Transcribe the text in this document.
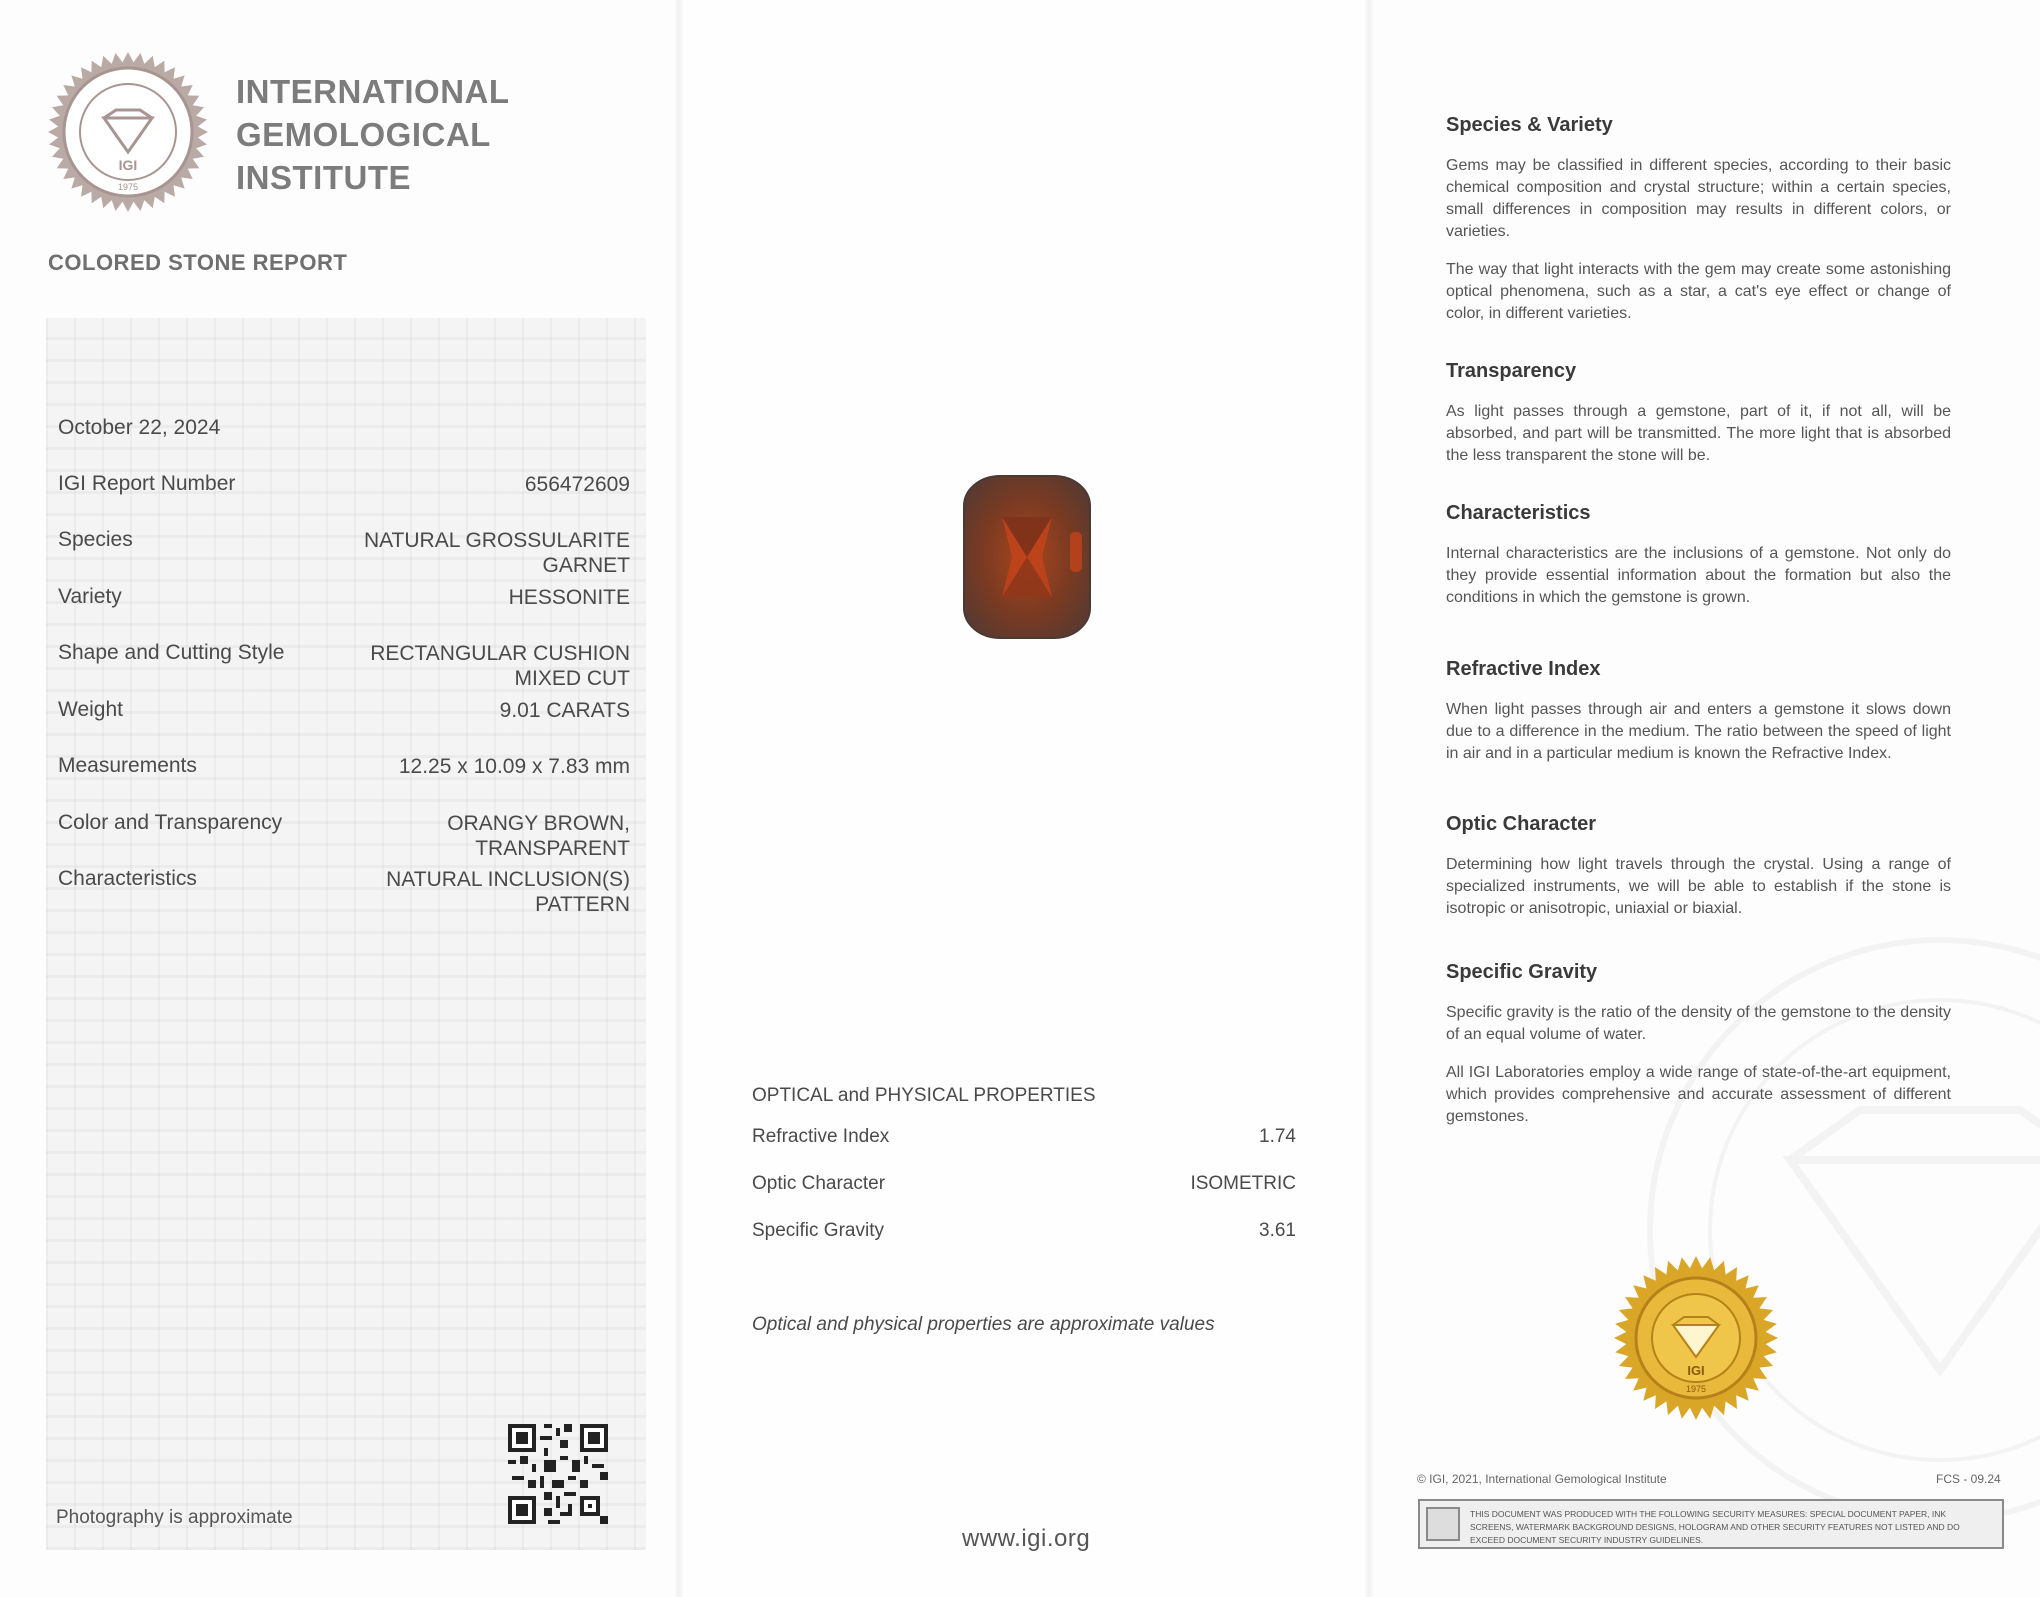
IGI
1975
INTERNATIONAL
GEMOLOGICAL
INSTITUTE
COLORED STONE REPORT
October 22, 2024
IGI Report Number	656472609
Species	NATURAL GROSSULARITE GARNET
Variety	HESSONITE
Shape and Cutting Style	RECTANGULAR CUSHION MIXED CUT
Weight	9.01 CARATS
Measurements	12.25 x 10.09 x 7.83 mm
Color and Transparency	ORANGY BROWN, TRANSPARENT
Characteristics	NATURAL INCLUSION(S) PATTERN
Photography is approximate
OPTICAL and PHYSICAL PROPERTIES
Refractive Index	1.74
Optic Character	ISOMETRIC
Specific Gravity	3.61
Optical and physical properties are approximate values
www.igi.org
Species & Variety

Gems may be classified in different species, according to their basic chemical composition and crystal structure; within a certain species, small differences in composition may results in different colors, or varieties.

The way that light interacts with the gem may create some astonishing optical phenomena, such as a star, a cat's eye effect or change of color, in different varieties.

Transparency

As light passes through a gemstone, part of it, if not all, will be absorbed, and part will be transmitted. The more light that is absorbed the less transparent the stone will be.

Characteristics

Internal characteristics are the inclusions of a gemstone. Not only do they provide essential information about the formation but also the conditions in which the gemstone is grown.

Refractive Index

When light passes through air and enters a gemstone it slows down due to a difference in the medium. The ratio between the speed of light in air and in a particular medium is known the Refractive Index.

Optic Character

Determining how light travels through the crystal. Using a range of specialized instruments, we will be able to establish if the stone is isotropic or anisotropic, uniaxial or biaxial.

Specific Gravity

Specific gravity is the ratio of the density of the gemstone to the density of an equal volume of water.

All IGI Laboratories employ a wide range of state-of-the-art equipment, which provides comprehensive and accurate assessment of different gemstones.

IGI
1975
© IGI, 2021, International Gemological Institute	FCS - 09.24
THIS DOCUMENT WAS PRODUCED WITH THE FOLLOWING SECURITY MEASURES: SPECIAL DOCUMENT PAPER, INK SCREENS, WATERMARK BACKGROUND DESIGNS, HOLOGRAM AND OTHER SECURITY FEATURES NOT LISTED AND DO EXCEED DOCUMENT SECURITY INDUSTRY GUIDELINES.
